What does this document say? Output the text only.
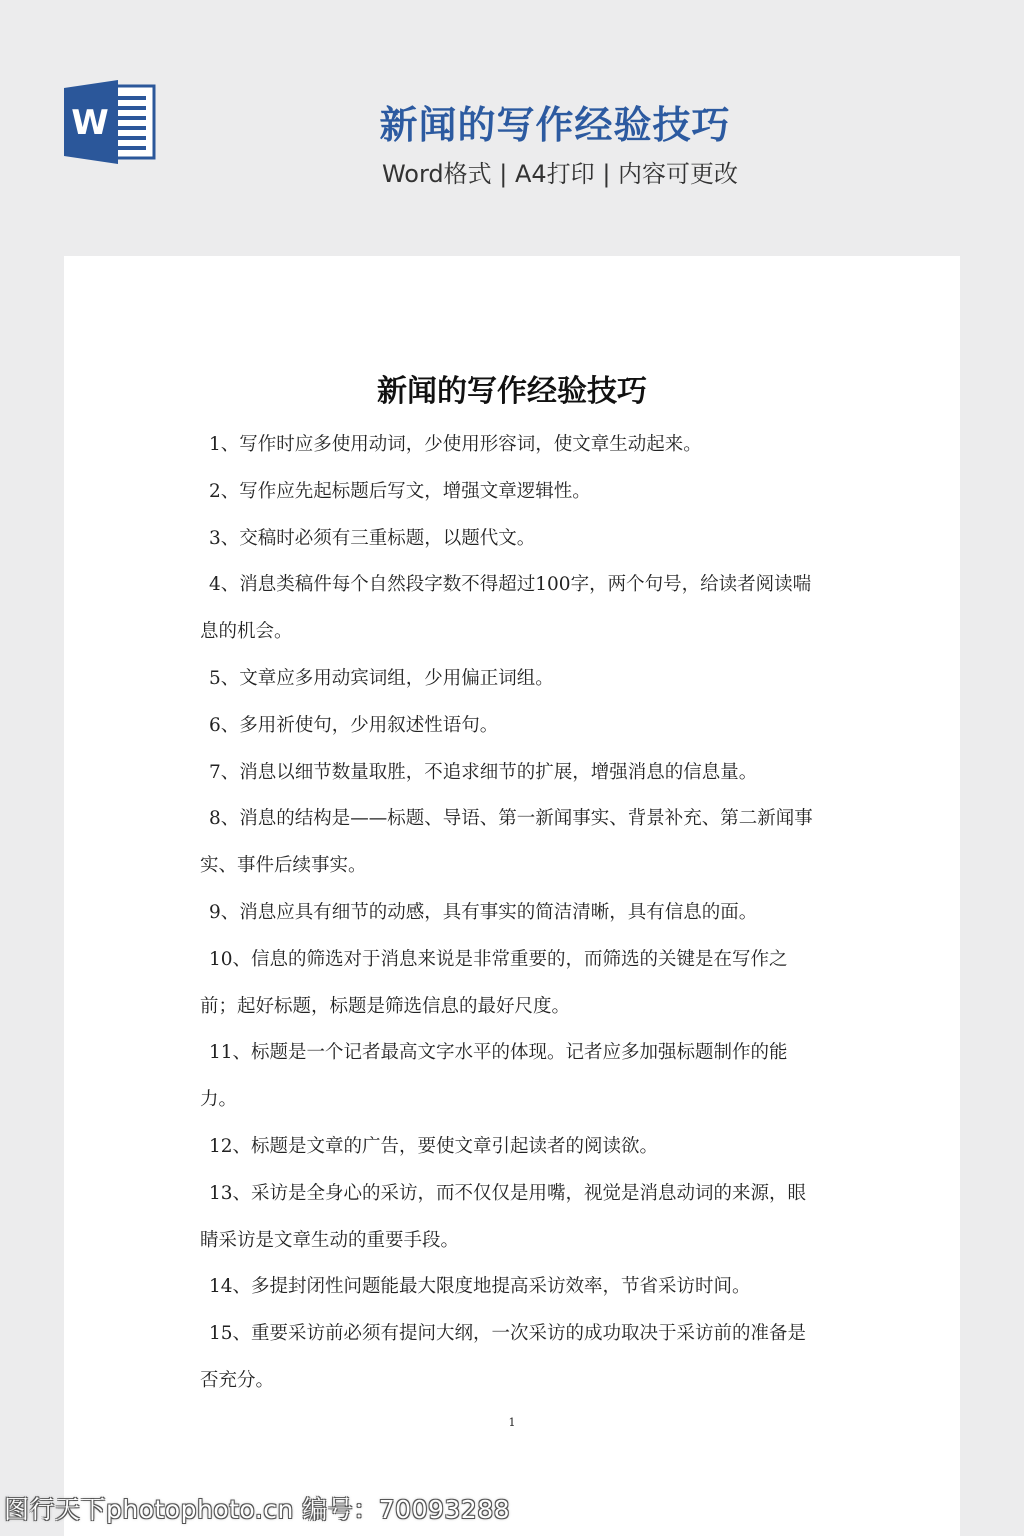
W	新闻的写作经验技巧
Word格式 | A4打印 | 内容可更改
新闻的写作经验技巧

1、写作时应多使用动词，少使用形容词，使文章生动起来。

2、写作应先起标题后写文，增强文章逻辑性。

3、交稿时必须有三重标题，以题代文。

4、消息类稿件每个自然段字数不得超过100字，两个句号，给读者阅读喘息的机会。

5、文章应多用动宾词组，少用偏正词组。

6、多用祈使句，少用叙述性语句。

7、消息以细节数量取胜，不追求细节的扩展，增强消息的信息量。

8、消息的结构是——标题、导语、第一新闻事实、背景补充、第二新闻事实、事件后续事实。

9、消息应具有细节的动感，具有事实的简洁清晰，具有信息的面。

10、信息的筛选对于消息来说是非常重要的，而筛选的关键是在写作之前；起好标题，标题是筛选信息的最好尺度。

11、标题是一个记者最高文字水平的体现。记者应多加强标题制作的能力。

12、标题是文章的广告，要使文章引起读者的阅读欲。

13、采访是全身心的采访，而不仅仅是用嘴，视觉是消息动词的来源，眼睛采访是文章生动的重要手段。

14、多提封闭性问题能最大限度地提高采访效率，节省采访时间。

15、重要采访前必须有提问大纲，一次采访的成功取决于采访前的准备是否充分。

1
图行天下photophoto.cn 编号：70093288
